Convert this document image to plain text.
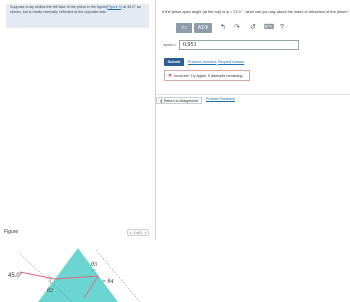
Suppose a ray strikes the left face of the prism in the figure(Figure 1) at 45.0° as shown, but is totally internally reflected at the opposite side.
Figure	< 1 of 1 >
45.0°
θ3
= θ4
θ2
If the prism apex angle (at the top) is φ = 72.0 °, what can you say about the index of refraction of the prism?
√□	ΑΣΦ	↰ ↷ ↺ ⌨ ?
nprism > 0.951
Submit	Previous Answers Request Answer
✕ Incorrect; Try Again; 5 attempts remaining
❮ Return to Assignment	Provide Feedback
